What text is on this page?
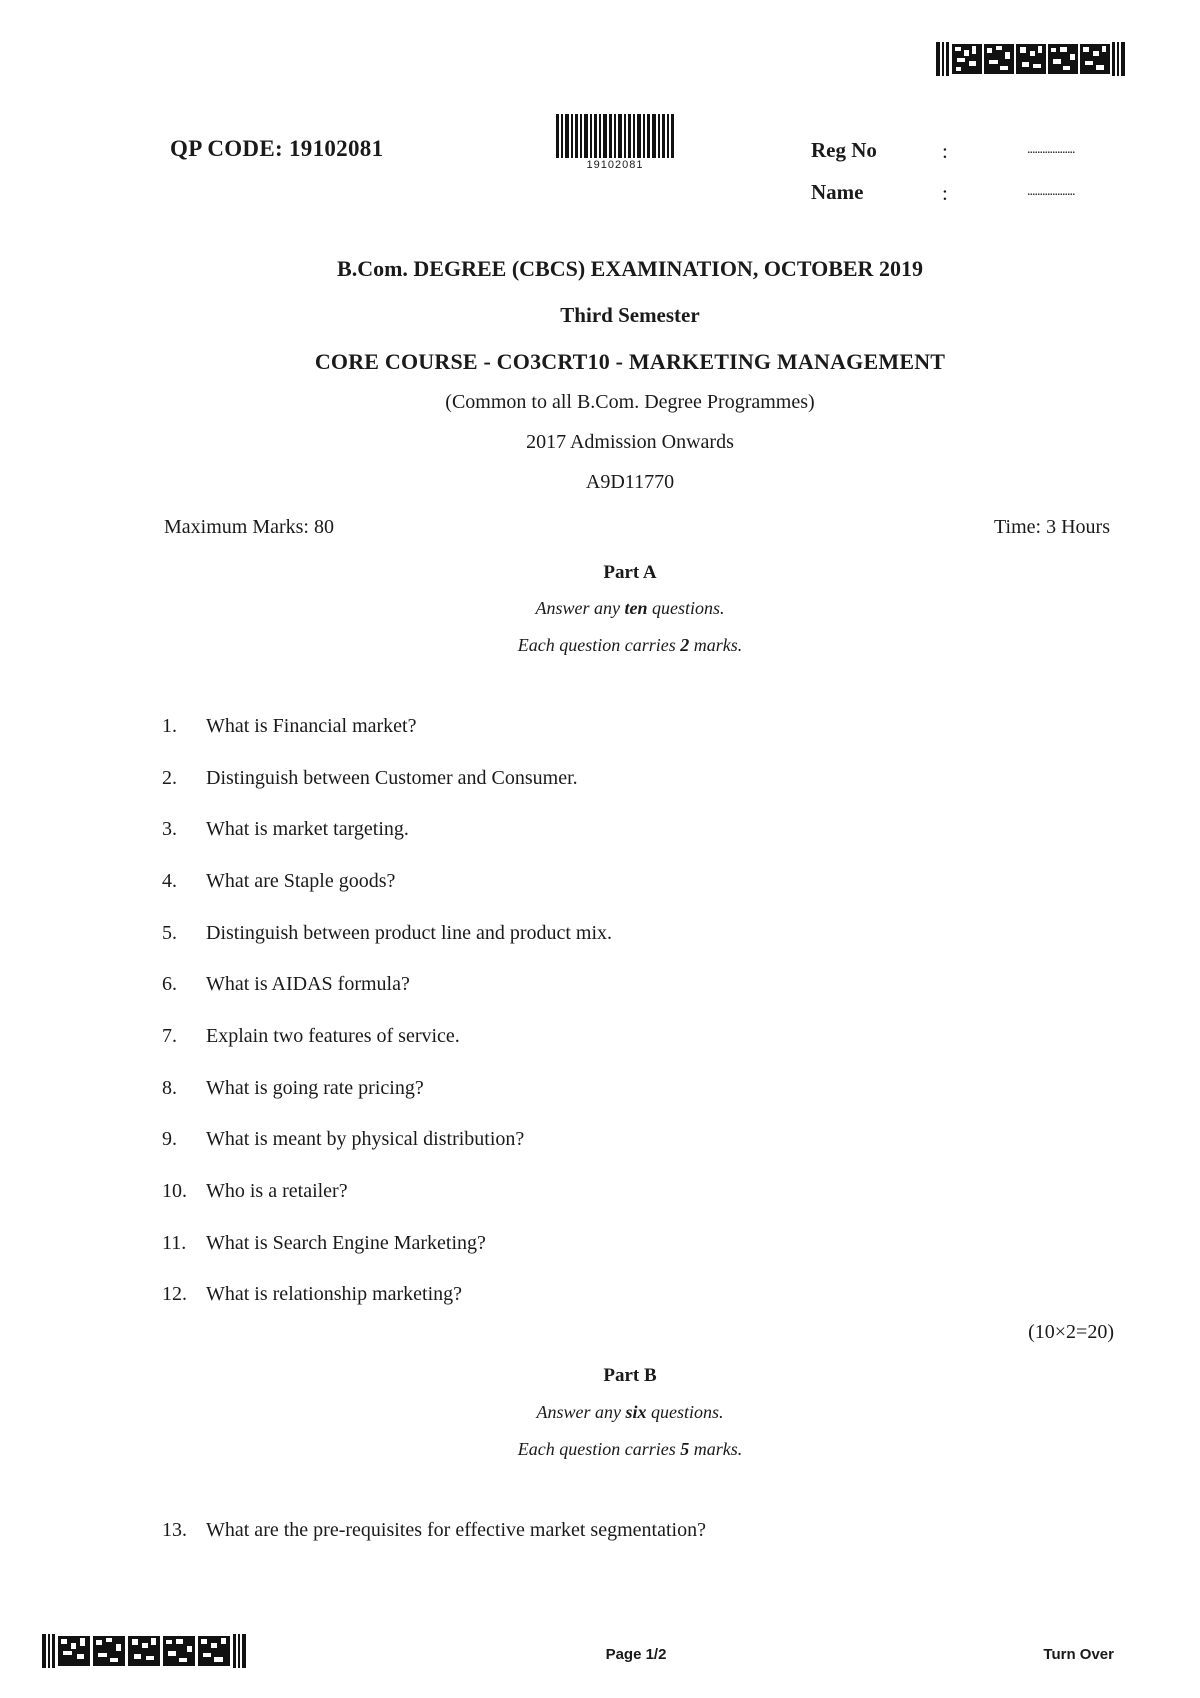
QP CODE: 19102081
19102081
Reg No	:	...................
Name	:	...................
B.Com. DEGREE (CBCS) EXAMINATION, OCTOBER 2019
Third Semester
CORE COURSE - CO3CRT10 - MARKETING MANAGEMENT
(Common to all B.Com. Degree Programmes)
2017 Admission Onwards
A9D11770
Maximum Marks: 80	Time: 3 Hours
Part A
Answer any ten questions.
Each question carries 2 marks.
1.	What is Financial market?
2.	Distinguish between Customer and Consumer.
3.	What is market targeting.
4.	What are Staple goods?
5.	Distinguish between product line and product mix.
6.	What is AIDAS formula?
7.	Explain two features of service.
8.	What is going rate pricing?
9.	What is meant by physical distribution?
10. Who is a retailer?
11. What is Search Engine Marketing?
12. What is relationship marketing?
(10×2=20)
Part B
Answer any six questions.
Each question carries 5 marks.
13. What are the pre-requisites for effective market segmentation?
Page 1/2	Turn Over
